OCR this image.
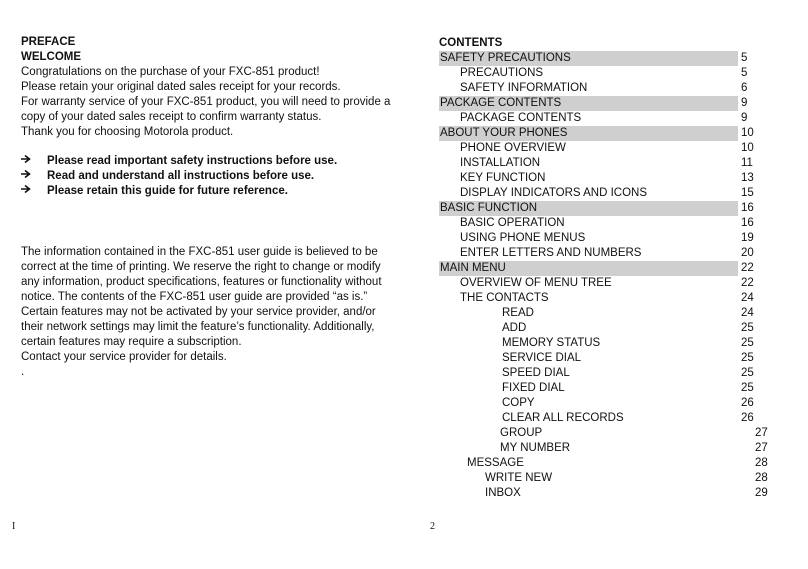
PREFACE
WELCOME
Congratulations on the purchase of your FXC-851 product!
Please retain your original dated sales receipt for your records.
For warranty service of your FXC-851 product, you will need to provide a
copy of your dated sales receipt to confirm warranty status.
Thank you for choosing Motorola product.
Please read important safety instructions before use.
Read and understand all instructions before use.
Please retain this guide for future reference.
The information contained in the FXC-851 user guide is believed to be
correct at the time of printing. We reserve the right to change or modify
any information, product specifications, features or functionality without
notice. The contents of the FXC-851 user guide are provided “as is.”
Certain features may not be activated by your service provider, and/or
their network settings may limit the feature’s functionality. Additionally,
certain features may require a subscription.
Contact your service provider for details.
.
I
CONTENTS
SAFETY PRECAUTIONS	5
PRECAUTIONS	5
SAFETY INFORMATION	6
PACKAGE CONTENTS	9
PACKAGE CONTENTS	9
ABOUT YOUR PHONES	10
PHONE OVERVIEW	10
INSTALLATION	11
KEY FUNCTION	13
DISPLAY INDICATORS AND ICONS	15
BASIC FUNCTION	16
BASIC OPERATION	16
USING PHONE MENUS	19
ENTER LETTERS AND NUMBERS	20
MAIN MENU	22
OVERVIEW OF MENU TREE	22
THE CONTACTS	24
READ	24
ADD	25
MEMORY STATUS	25
SERVICE DIAL	25
SPEED DIAL	25
FIXED DIAL	25
COPY	26
CLEAR ALL RECORDS	26
GROUP	27
MY NUMBER	27
MESSAGE	28
WRITE NEW	28
INBOX	29
2
